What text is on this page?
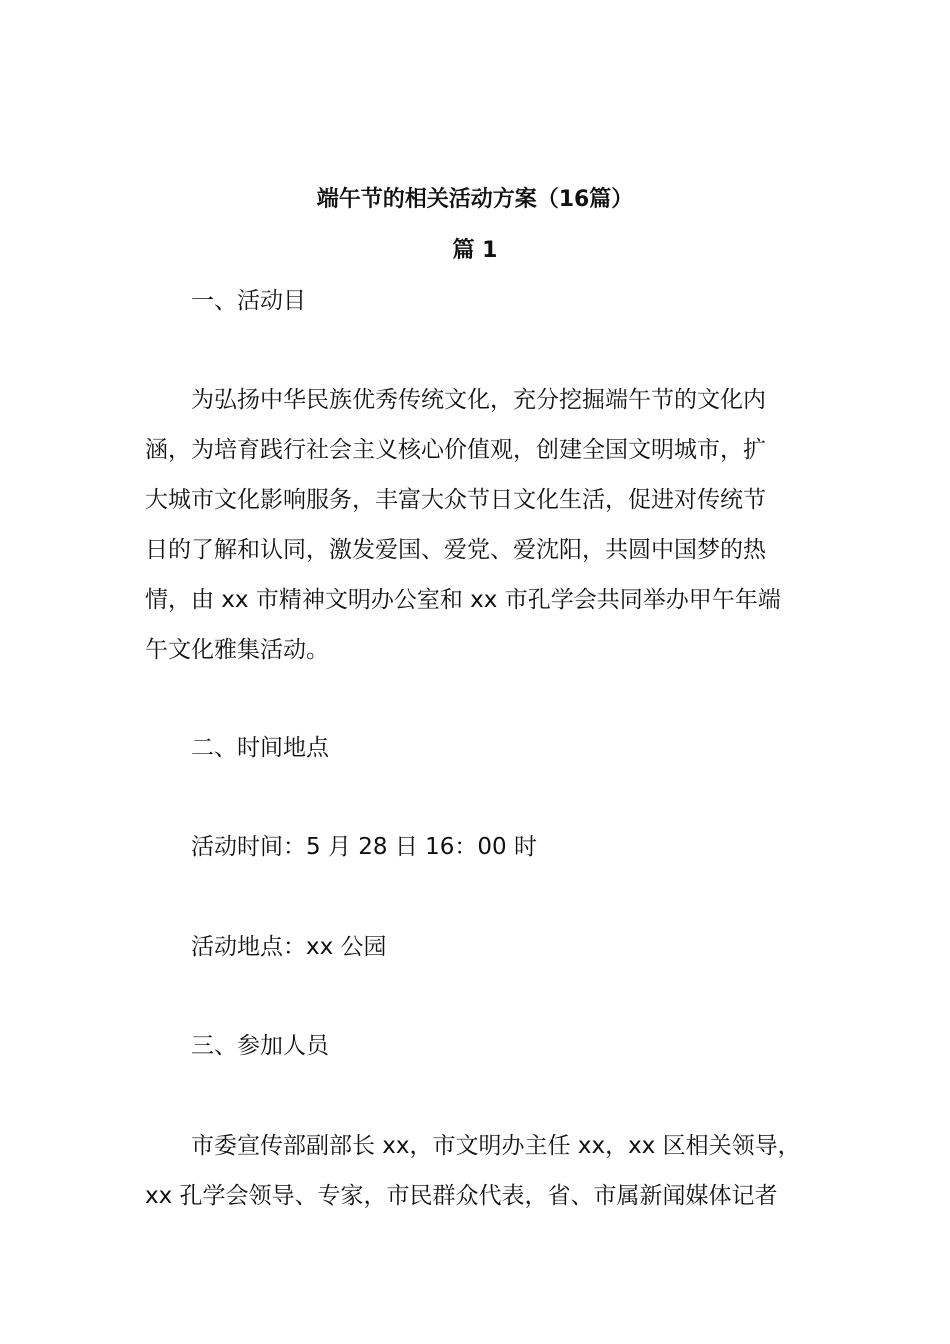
端午节的相关活动方案（16篇）
篇 1

一、活动目

为弘扬中华民族优秀传统文化，充分挖掘端午节的文化内

涵，为培育践行社会主义核心价值观，创建全国文明城市，扩

大城市文化影响服务，丰富大众节日文化生活，促进对传统节

日的了解和认同，激发爱国、爱党、爱沈阳，共圆中国梦的热

情，由 xx 市精神文明办公室和 xx 市孔学会共同举办甲午年端

午文化雅集活动。

二、时间地点

活动时间：5 月 28 日 16：00 时

活动地点：xx 公园

三、参加人员

市委宣传部副部长 xx，市文明办主任 xx，xx 区相关领导，

xx 孔学会领导、专家，市民群众代表，省、市属新闻媒体记者
